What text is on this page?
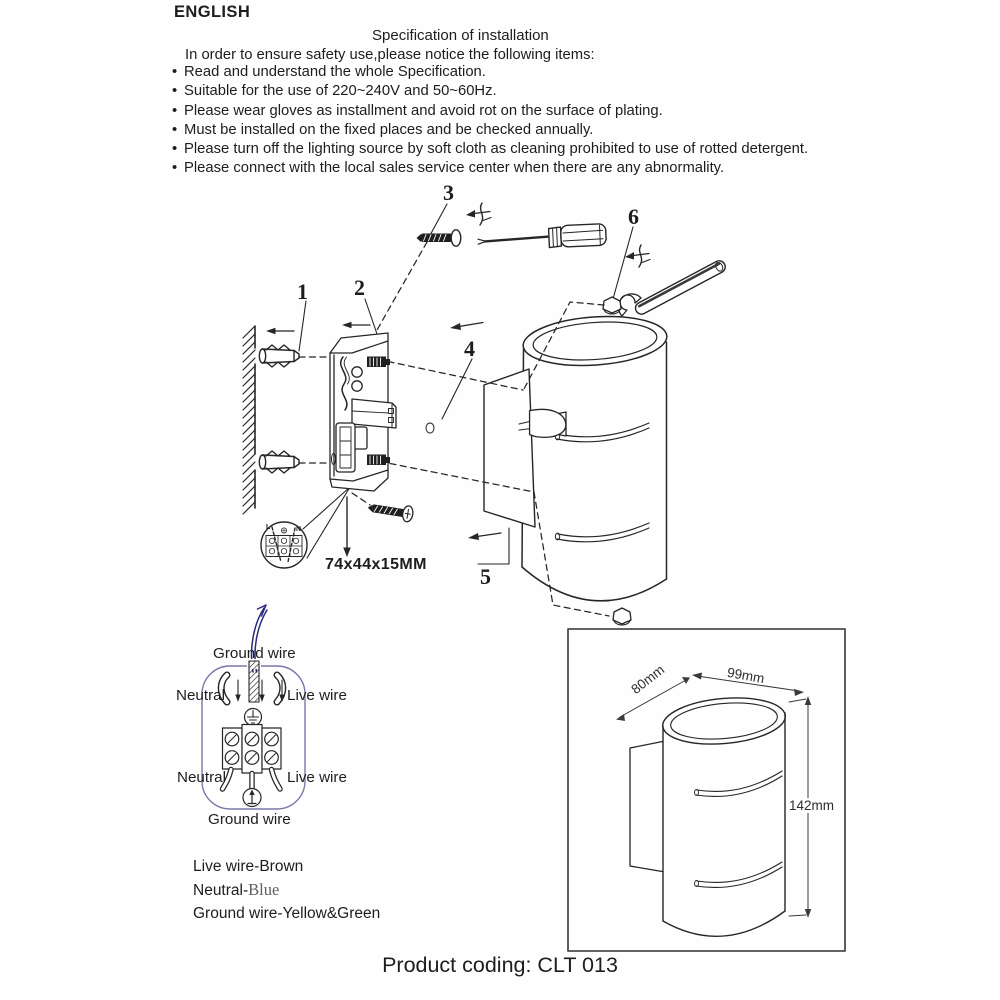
ENGLISH
Specification of installation
In order to ensure safety use,please notice the following items:
• Read and understand the whole Specification.
• Suitable for the use of 220~240V and 50~60Hz.
• Please wear gloves as installment and avoid rot on the surface of plating.
• Must be installed on the fixed places and be checked annually.
• Please turn off the lighting source by soft cloth as cleaning prohibited to use of rotted detergent.
• Please connect with the local sales service center when there are any abnormality.
1 2
3
4
5
6
74x44x15MM
L	N
Ground wire
Neutral	Live wire
Neutral	Live wire
Ground wire
Live wire-Brown
Neutral-Blue
Ground wire-Yellow&Green
80mm	99mm
142mm
Product coding: CLT 013
